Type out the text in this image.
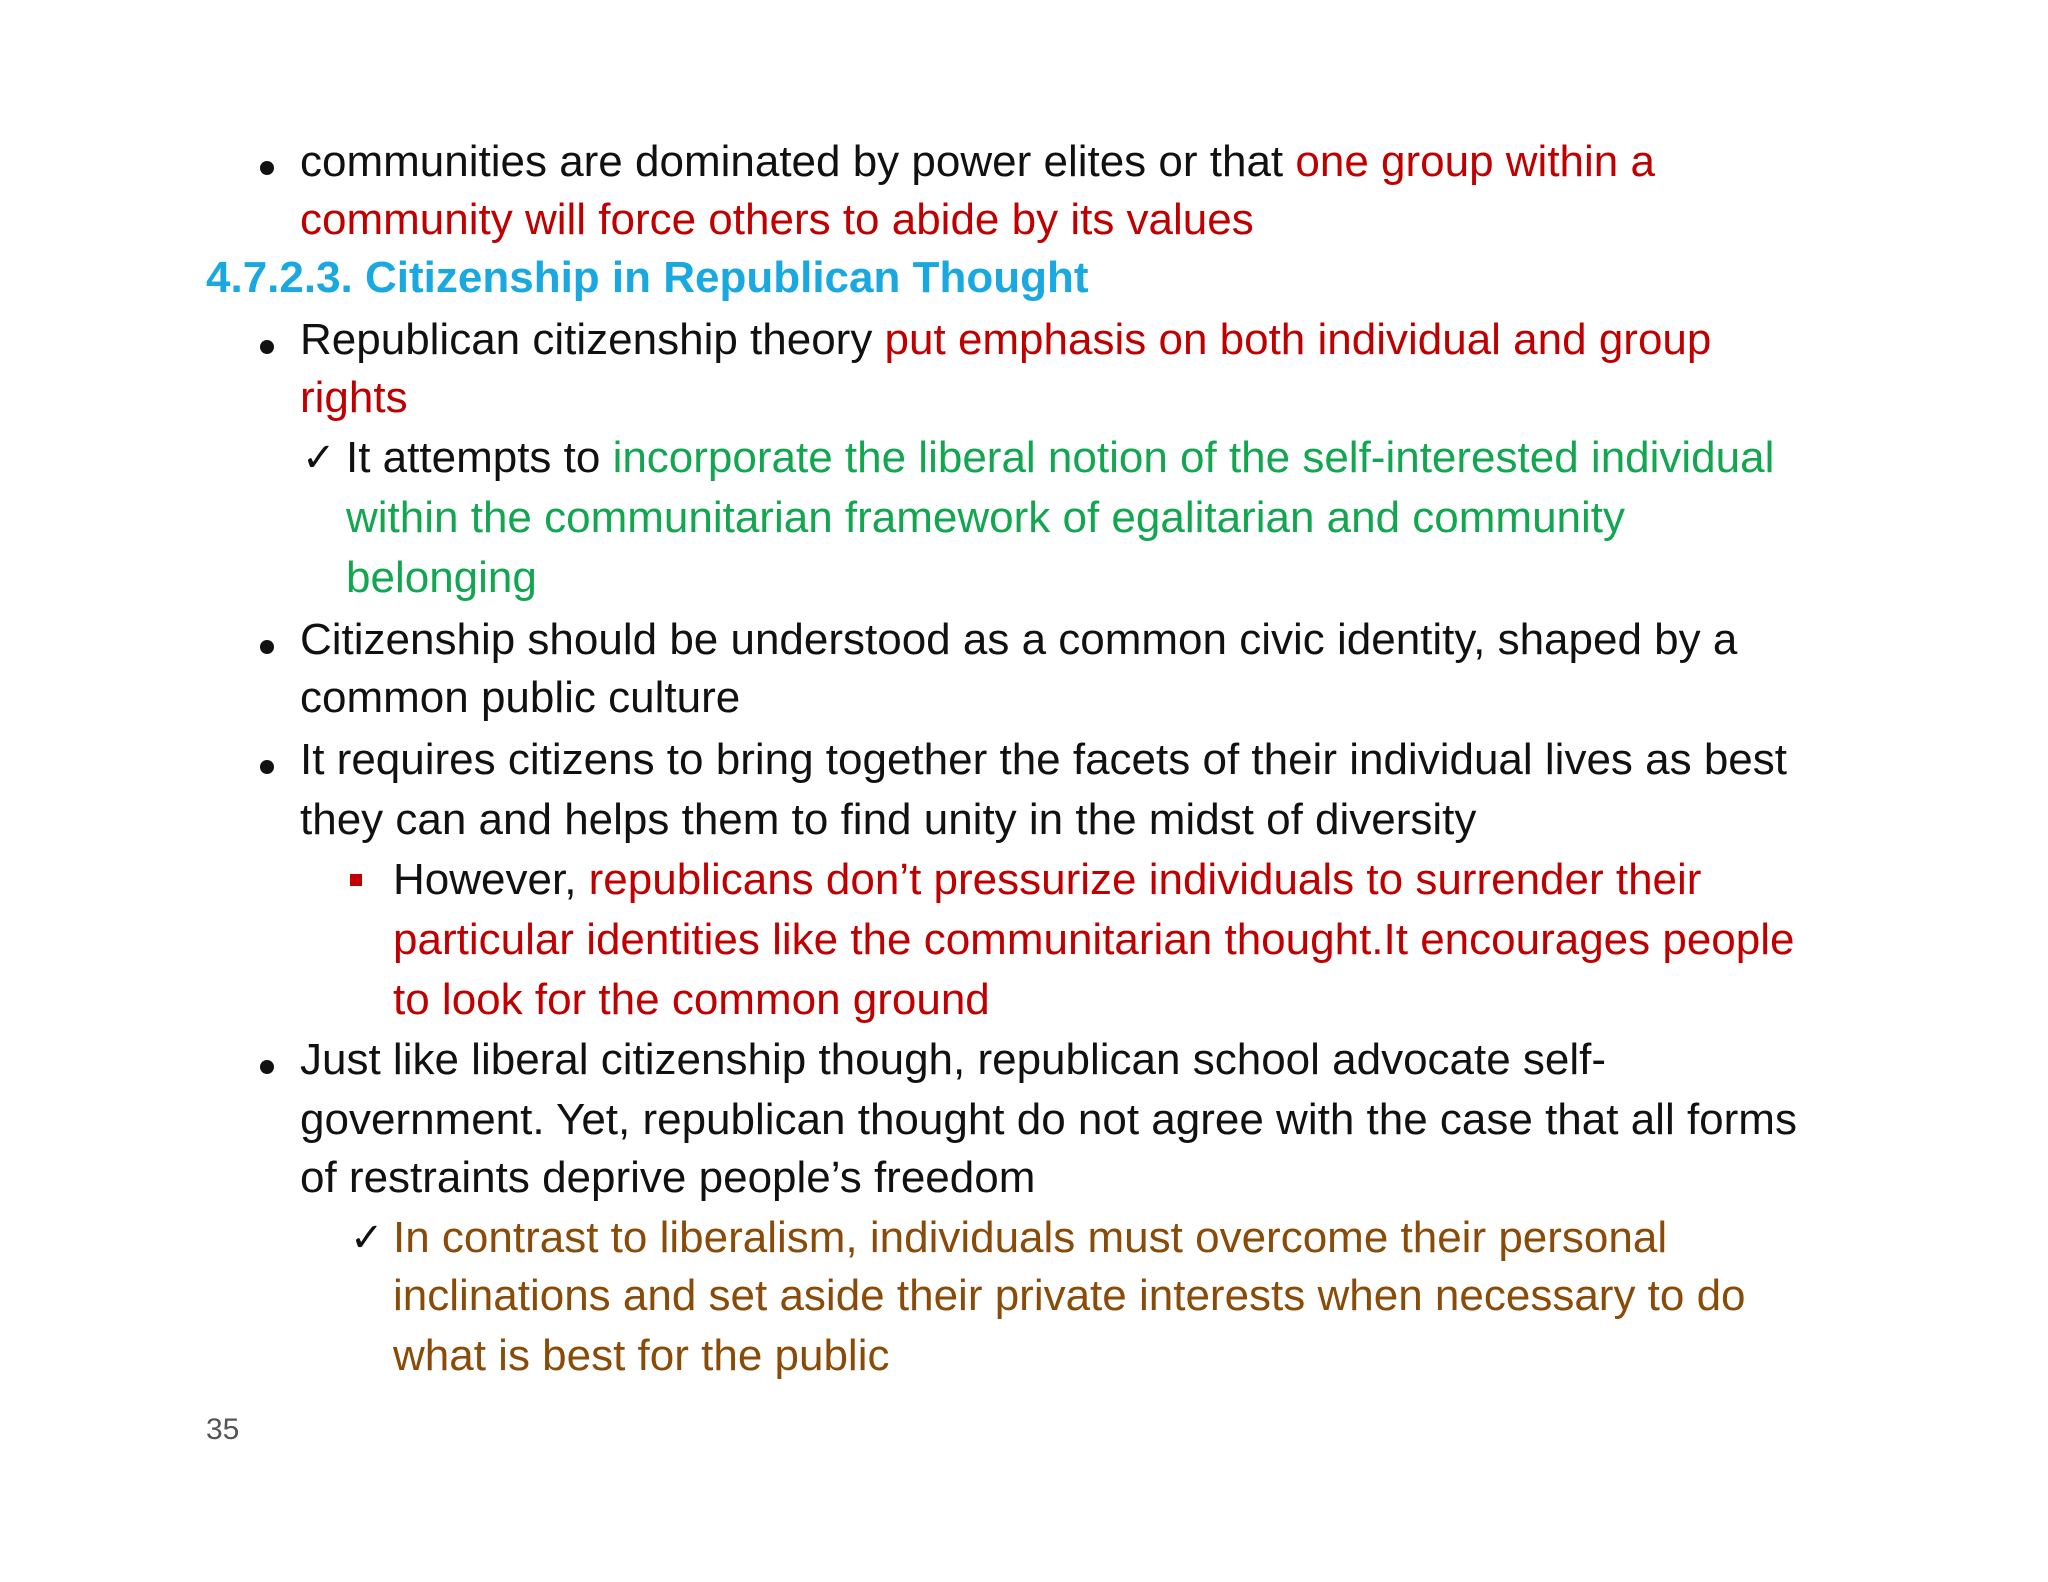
communities are dominated by power elites or that one group within a
community will force others to abide by its values
4.7.2.3. Citizenship in Republican Thought
Republican citizenship theory put emphasis on both individual and group
rights
✓ It attempts to incorporate the liberal notion of the self-interested individual
within the communitarian framework of egalitarian and community
belonging
Citizenship should be understood as a common civic identity, shaped by a
common public culture
It requires citizens to bring together the facets of their individual lives as best
they can and helps them to find unity in the midst of diversity
However, republicans don’t pressurize individuals to surrender their
particular identities like the communitarian thought.It encourages people
to look for the common ground
Just like liberal citizenship though, republican school advocate self-
government. Yet, republican thought do not agree with the case that all forms
of restraints deprive people’s freedom
✓ In contrast to liberalism, individuals must overcome their personal
inclinations and set aside their private interests when necessary to do
what is best for the public
35
